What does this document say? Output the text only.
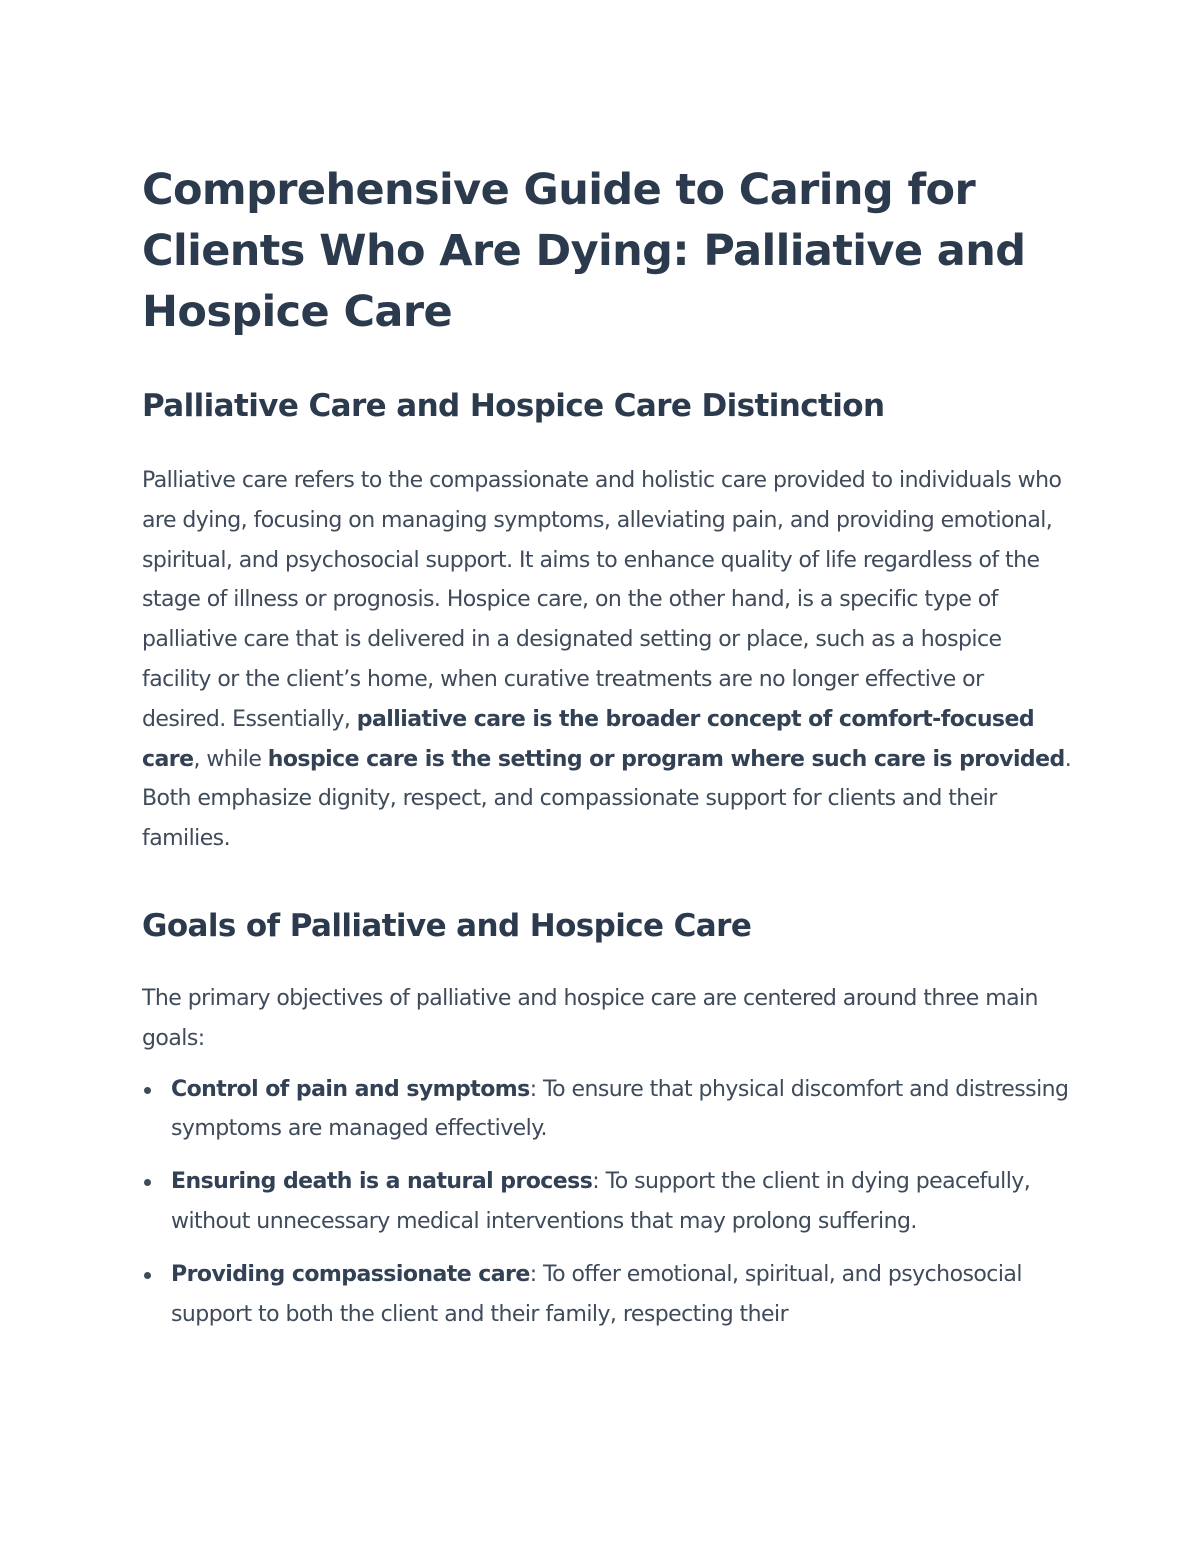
Comprehensive Guide to Caring for Clients Who Are Dying: Palliative and Hospice Care
Palliative Care and Hospice Care Distinction

Palliative care refers to the compassionate and holistic care provided to individuals who are dying, focusing on managing symptoms, alleviating pain, and providing emotional, spiritual, and psychosocial support. It aims to enhance quality of life regardless of the stage of illness or prognosis. Hospice care, on the other hand, is a specific type of palliative care that is delivered in a designated setting or place, such as a hospice facility or the client’s home, when curative treatments are no longer effective or desired. Essentially, palliative care is the broader concept of comfort-focused care, while hospice care is the setting or program where such care is provided. Both emphasize dignity, respect, and compassionate support for clients and their families.

Goals of Palliative and Hospice Care

The primary objectives of palliative and hospice care are centered around three main goals:

Control of pain and symptoms: To ensure that physical discomfort and distressing symptoms are managed effectively.
Ensuring death is a natural process: To support the client in dying peacefully, without unnecessary medical interventions that may prolong suffering.
Providing compassionate care: To offer emotional, spiritual, and psychosocial support to both the client and their family, respecting their
